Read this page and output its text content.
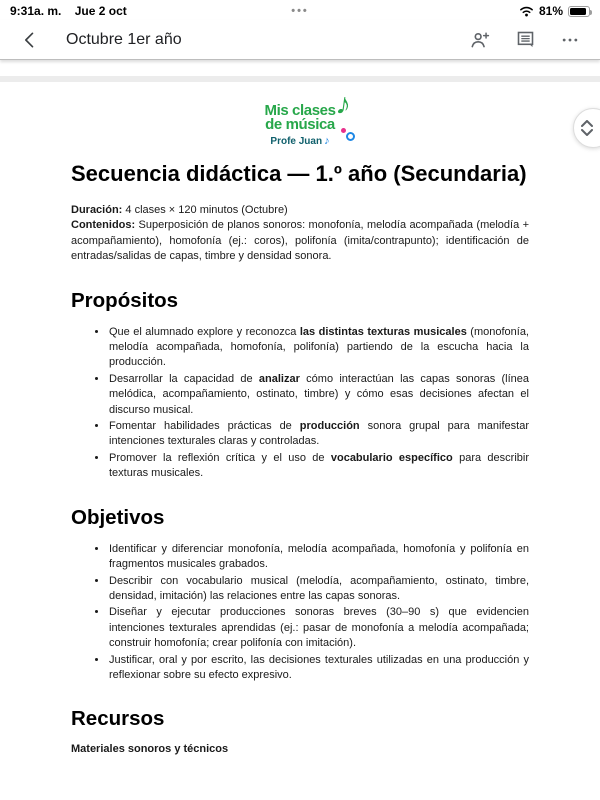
9:31a. m. Jue 2 oct	•••	81%
Octubre 1er año
Mis clases
de música
Profe Juan ♪
♪
Secuencia didáctica — 1.º año (Secundaria)
Duración: 4 clases × 120 minutos (Octubre)
Contenidos: Superposición de planos sonoros: monofonía, melodía acompañada (melodía + acompañamiento), homofonía (ej.: coros), polifonía (imita/contrapunto); identificación de entradas/salidas de capas, timbre y densidad sonora.
Propósitos
• Que el alumnado explore y reconozca las distintas texturas musicales (monofonía, melodía acompañada, homofonía, polifonía) partiendo de la escucha hacia la producción.
• Desarrollar la capacidad de analizar cómo interactúan las capas sonoras (línea melódica, acompañamiento, ostinato, timbre) y cómo esas decisiones afectan el discurso musical.
• Fomentar habilidades prácticas de producción sonora grupal para manifestar intenciones texturales claras y controladas.
• Promover la reflexión crítica y el uso de vocabulario específico para describir texturas musicales.
Objetivos
• Identificar y diferenciar monofonía, melodía acompañada, homofonía y polifonía en fragmentos musicales grabados.
• Describir con vocabulario musical (melodía, acompañamiento, ostinato, timbre, densidad, imitación) las relaciones entre las capas sonoras.
• Diseñar y ejecutar producciones sonoras breves (30–90 s) que evidencien intenciones texturales aprendidas (ej.: pasar de monofonía a melodía acompañada; construir homofonía; crear polifonía con imitación).
• Justificar, oral y por escrito, las decisiones texturales utilizadas en una producción y reflexionar sobre su efecto expresivo.
Recursos

Materiales sonoros y técnicos
